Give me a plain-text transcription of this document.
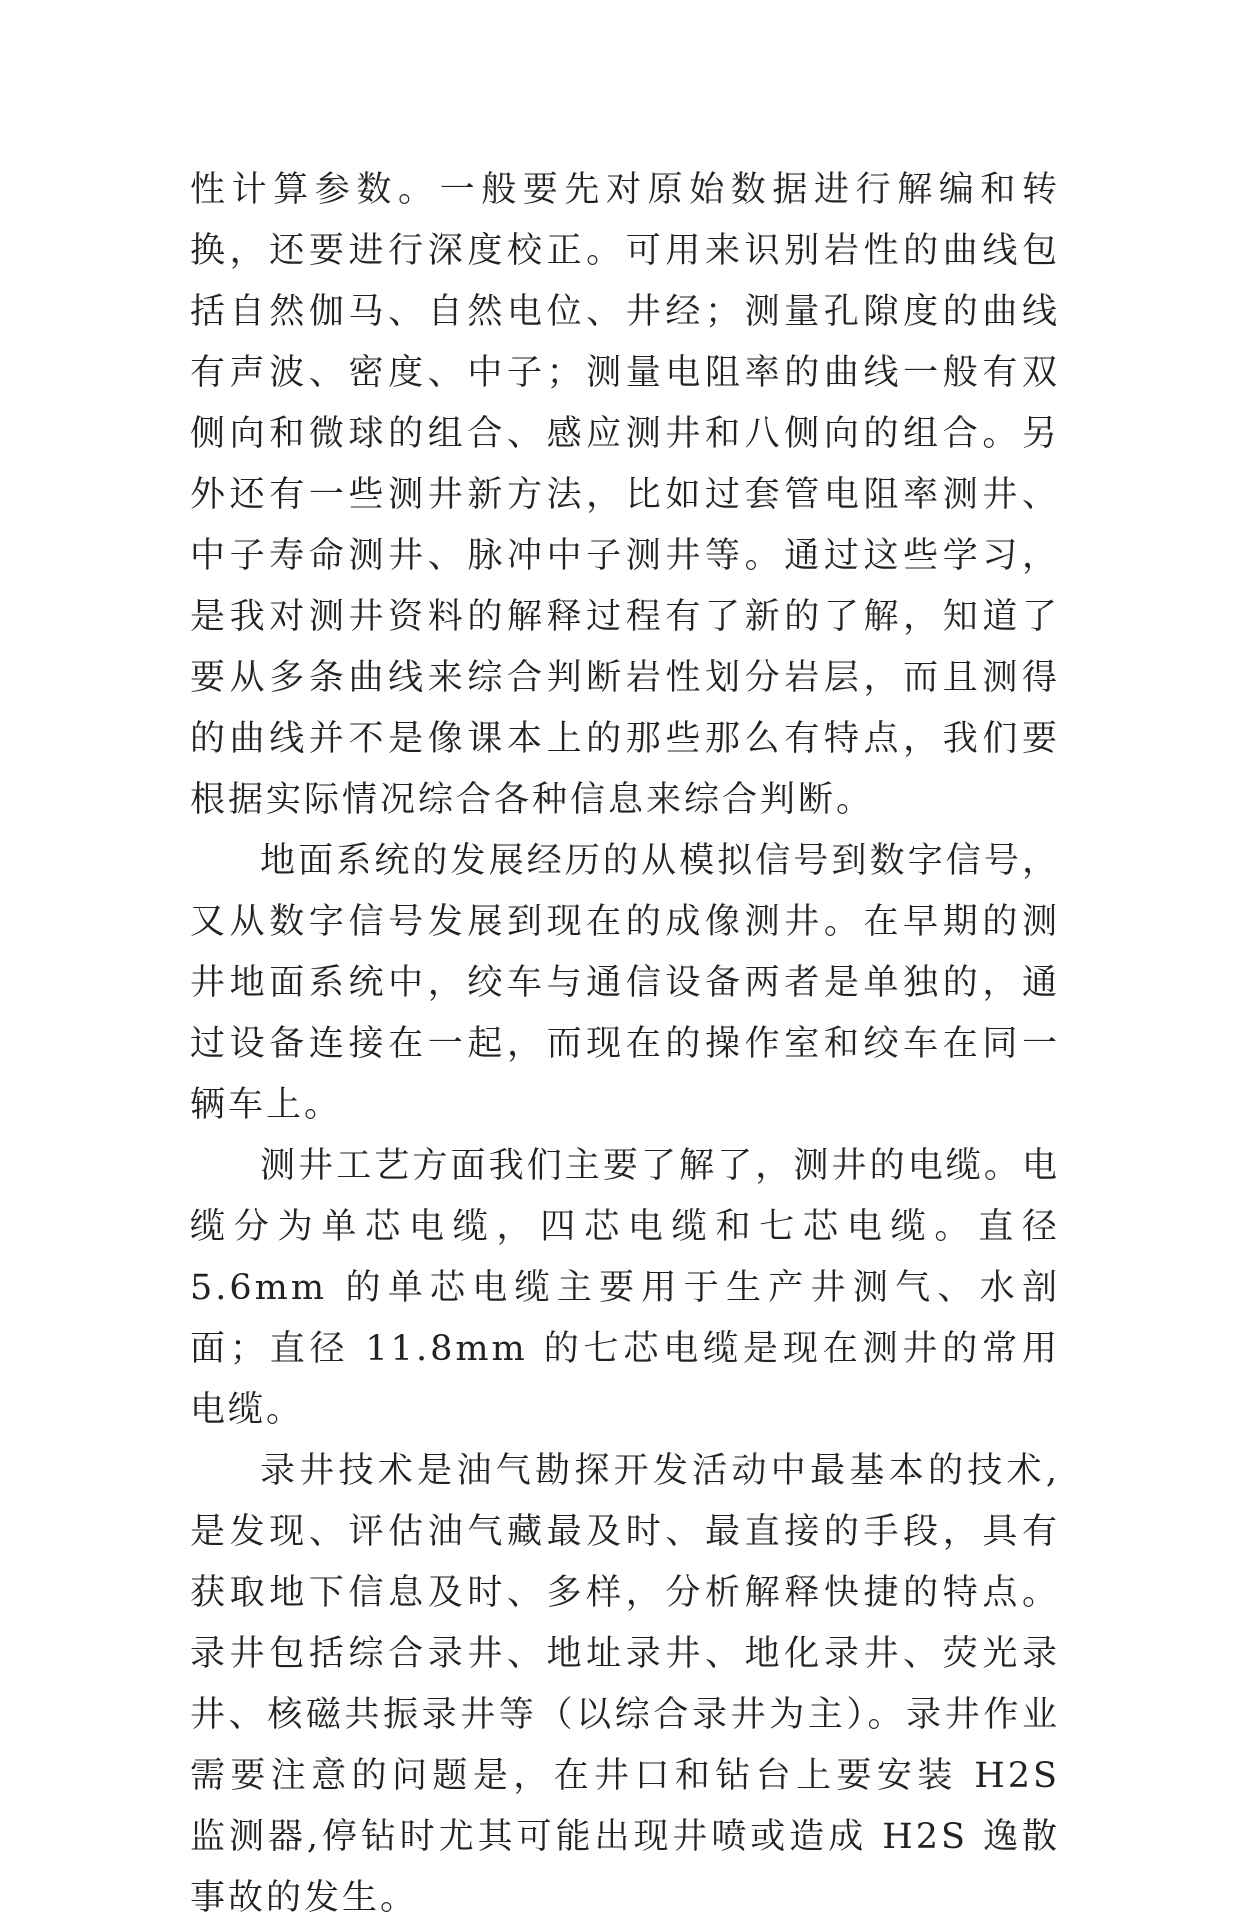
性计算参数。一般要先对原始数据进行解编和转换，还要进行深度校正。可用来识别岩性的曲线包括自然伽马、自然电位、井经；测量孔隙度的曲线有声波、密度、中子；测量电阻率的曲线一般有双侧向和微球的组合、感应测井和八侧向的组合。另外还有一些测井新方法，比如过套管电阻率测井、中子寿命测井、脉冲中子测井等。通过这些学习，是我对测井资料的解释过程有了新的了解，知道了要从多条曲线来综合判断岩性划分岩层，而且测得的曲线并不是像课本上的那些那么有特点，我们要根据实际情况综合各种信息来综合判断。

地面系统的发展经历的从模拟信号到数字信号，又从数字信号发展到现在的成像测井。在早期的测井地面系统中，绞车与通信设备两者是单独的，通过设备连接在一起，而现在的操作室和绞车在同一辆车上。

测井工艺方面我们主要了解了，测井的电缆。电缆分为单芯电缆，四芯电缆和七芯电缆。直径 5.6mm 的单芯电缆主要用于生产井测气、水剖面；直径 11.8mm 的七芯电缆是现在测井的常用电缆。

录井技术是油气勘探开发活动中最基本的技术,是发现、评估油气藏最及时、最直接的手段，具有获取地下信息及时、多样，分析解释快捷的特点。录井包括综合录井、地址录井、地化录井、荧光录井、核磁共振录井等（以综合录井为主）。录井作业需要注意的问题是，在井口和钻台上要安装 H2S 监测器,停钻时尤其可能出现井喷或造成 H2S 逸散事故的发生。
